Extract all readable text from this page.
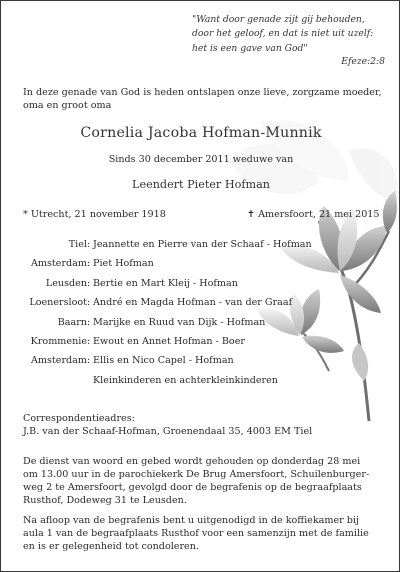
"Want door genade zijt gij behouden,
door het geloof, en dat is niet uit uzelf:
het is een gave van God"
Efeze:2:8
In deze genade van God is heden ontslapen onze lieve, zorgzame moeder,
oma en groot oma
Cornelia Jacoba Hofman-Munnik
Sinds 30 december 2011 weduwe van
Leendert Pieter Hofman
* Utrecht, 21 november 1918	✝ Amersfoort, 21 mei 2015
Tiel : Jeannette en Pierre van der Schaaf - Hofman
Amsterdam : Piet Hofman
Leusden : Bertie en Mart Kleij - Hofman
Loenersloot : André en Magda Hofman - van der Graaf
Baarn : Marijke en Ruud van Dijk - Hofman
Krommenie : Ewout en Annet Hofman - Boer
Amsterdam : Ellis en Nico Capel - Hofman
Kleinkinderen en achterkleinkinderen
Correspondentieadres:
J.B. van der Schaaf-Hofman, Groenendaal 35, 4003 EM Tiel
De dienst van woord en gebed wordt gehouden op donderdag 28 mei
om 13.00 uur in de parochiekerk De Brug Amersfoort, Schuilenburger-
weg 2 te Amersfoort, gevolgd door de begrafenis op de begraafplaats
Rusthof, Dodeweg 31 te Leusden.
Na afloop van de begrafenis bent u uitgenodigd in de koffiekamer bij
aula 1 van de begraafplaats Rusthof voor een samenzijn met de familie
en is er gelegenheid tot condoleren.
